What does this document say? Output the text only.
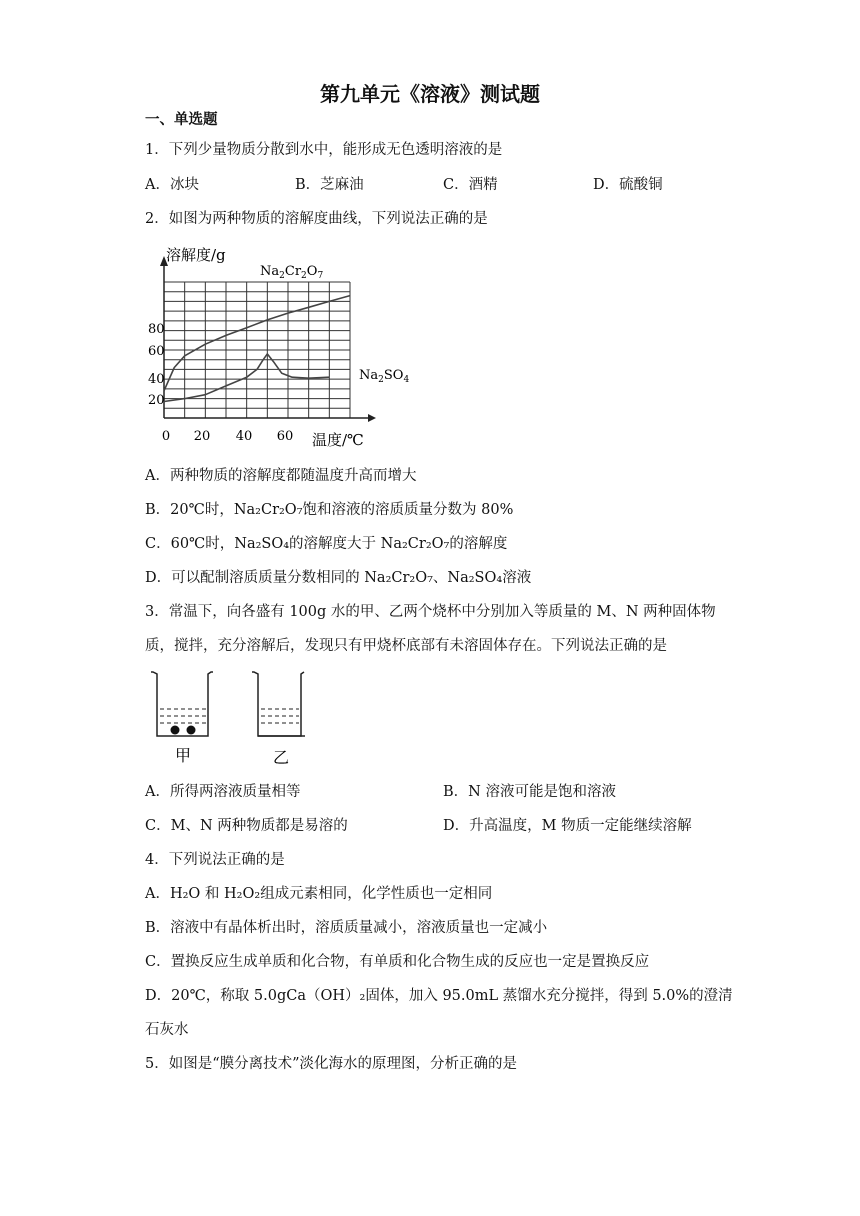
第九单元《溶液》测试题
一、单选题
1．下列少量物质分散到水中，能形成无色透明溶液的是
A．冰块	B．芝麻油	C．酒精	D．硫酸铜
2．如图为两种物质的溶解度曲线，下列说法正确的是
溶解度/g
温度/℃
0 20 40 60
20
40
60
80
$Na_2Cr_2O_7$
$Na_2SO_4$
A．两种物质的溶解度都随温度升高而增大
B．20℃时，Na₂Cr₂O₇饱和溶液的溶质质量分数为 80%
C．60℃时，Na₂SO₄的溶解度大于 Na₂Cr₂O₇的溶解度
D．可以配制溶质质量分数相同的 Na₂Cr₂O₇、Na₂SO₄溶液
3．常温下，向各盛有 100g 水的甲、乙两个烧杯中分别加入等质量的 M、N 两种固体物
质，搅拌，充分溶解后，发现只有甲烧杯底部有未溶固体存在。下列说法正确的是
甲	乙
A．所得两溶液质量相等	B．N 溶液可能是饱和溶液
C．M、N 两种物质都是易溶的	D．升高温度，M 物质一定能继续溶解
4．下列说法正确的是
A．H₂O 和 H₂O₂组成元素相同，化学性质也一定相同
B．溶液中有晶体析出时，溶质质量减小，溶液质量也一定减小
C．置换反应生成单质和化合物，有单质和化合物生成的反应也一定是置换反应
D．20℃，称取 5.0gCa（OH）₂固体，加入 95.0mL 蒸馏水充分搅拌，得到 5.0%的澄清
石灰水
5．如图是“膜分离技术”淡化海水的原理图，分析正确的是
